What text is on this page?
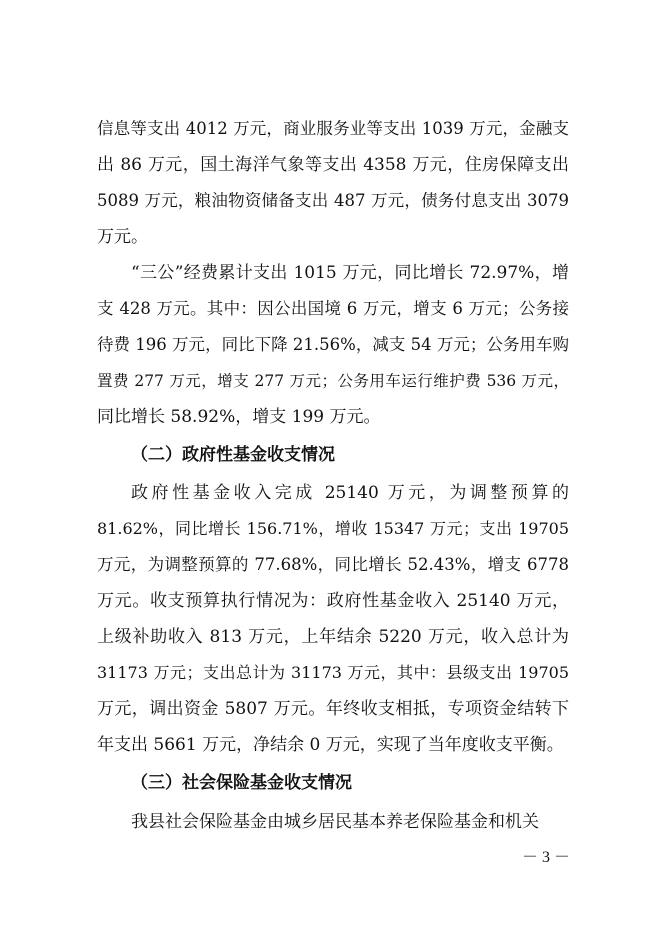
信息等支出 4012 万元，商业服务业等支出 1039 万元，金融支
出 86 万元，国土海洋气象等支出 4358 万元，住房保障支出
5089 万元，粮油物资储备支出 487 万元，债务付息支出 3079
万元。
“三公”经费累计支出 1015 万元，同比增长 72.97%，增
支 428 万元。其中：因公出国境 6 万元，增支 6 万元；公务接
待费 196 万元，同比下降 21.56%，减支 54 万元；公务用车购
置费 277 万元，增支 277 万元；公务用车运行维护费 536 万元，
同比增长 58.92%，增支 199 万元。
（二）政府性基金收支情况
政府性基金收入完成 25140 万元，为调整预算的
81.62%，同比增长 156.71%，增收 15347 万元；支出 19705
万元，为调整预算的 77.68%，同比增长 52.43%，增支 6778
万元。收支预算执行情况为：政府性基金收入 25140 万元，
上级补助收入 813 万元，上年结余 5220 万元，收入总计为
31173 万元；支出总计为 31173 万元，其中：县级支出 19705
万元，调出资金 5807 万元。年终收支相抵，专项资金结转下
年支出 5661 万元，净结余 0 万元，实现了当年度收支平衡。
（三）社会保险基金收支情况
我县社会保险基金由城乡居民基本养老保险基金和机关
－ 3 －
